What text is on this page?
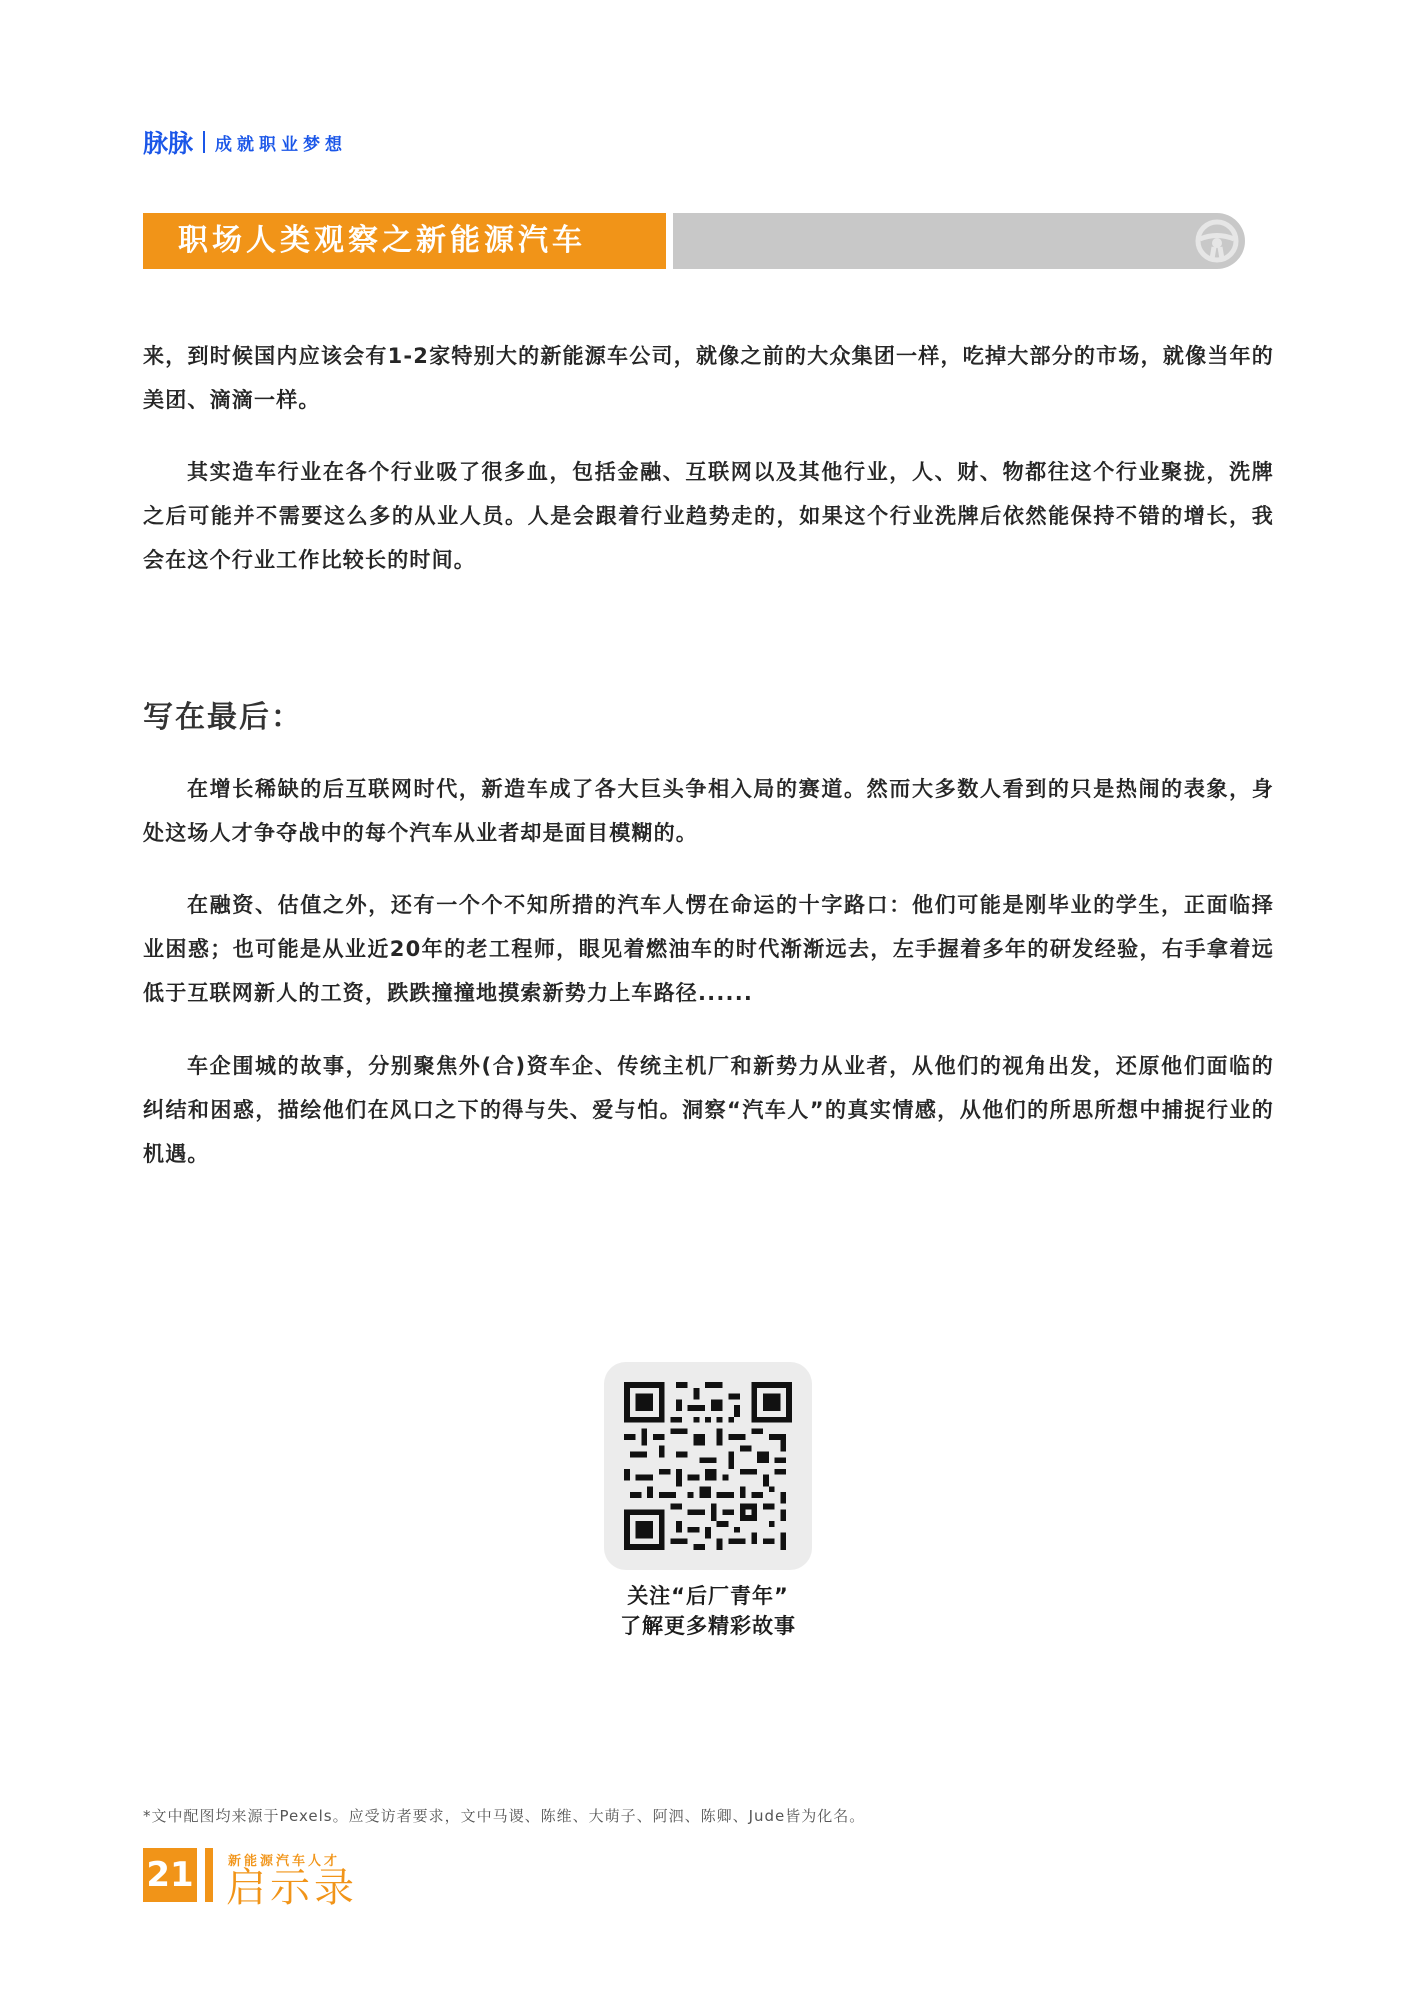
脉脉 成就职业梦想
职场人类观察之新能源汽车

来，到时候国内应该会有1-2家特别大的新能源车公司，就像之前的大众集团一样，吃掉大部分的市场，就像当年的美团、滴滴一样。

其实造车行业在各个行业吸了很多血，包括金融、互联网以及其他行业，人、财、物都往这个行业聚拢，洗牌之后可能并不需要这么多的从业人员。人是会跟着行业趋势走的，如果这个行业洗牌后依然能保持不错的增长，我会在这个行业工作比较长的时间。

写在最后：

在增长稀缺的后互联网时代，新造车成了各大巨头争相入局的赛道。然而大多数人看到的只是热闹的表象，身处这场人才争夺战中的每个汽车从业者却是面目模糊的。

在融资、估值之外，还有一个个不知所措的汽车人愣在命运的十字路口：他们可能是刚毕业的学生，正面临择业困惑；也可能是从业近20年的老工程师，眼见着燃油车的时代渐渐远去，左手握着多年的研发经验，右手拿着远低于互联网新人的工资，跌跌撞撞地摸索新势力上车路径......

车企围城的故事，分别聚焦外(合)资车企、传统主机厂和新势力从业者，从他们的视角出发，还原他们面临的纠结和困惑，描绘他们在风口之下的得与失、爱与怕。洞察“汽车人”的真实情感，从他们的所思所想中捕捉行业的机遇。

关注“后厂青年”
了解更多精彩故事
*文中配图均来源于Pexels。应受访者要求，文中马谡、陈维、大萌子、阿泗、陈卿、Jude皆为化名。
21	新能源汽车人才
启示录
